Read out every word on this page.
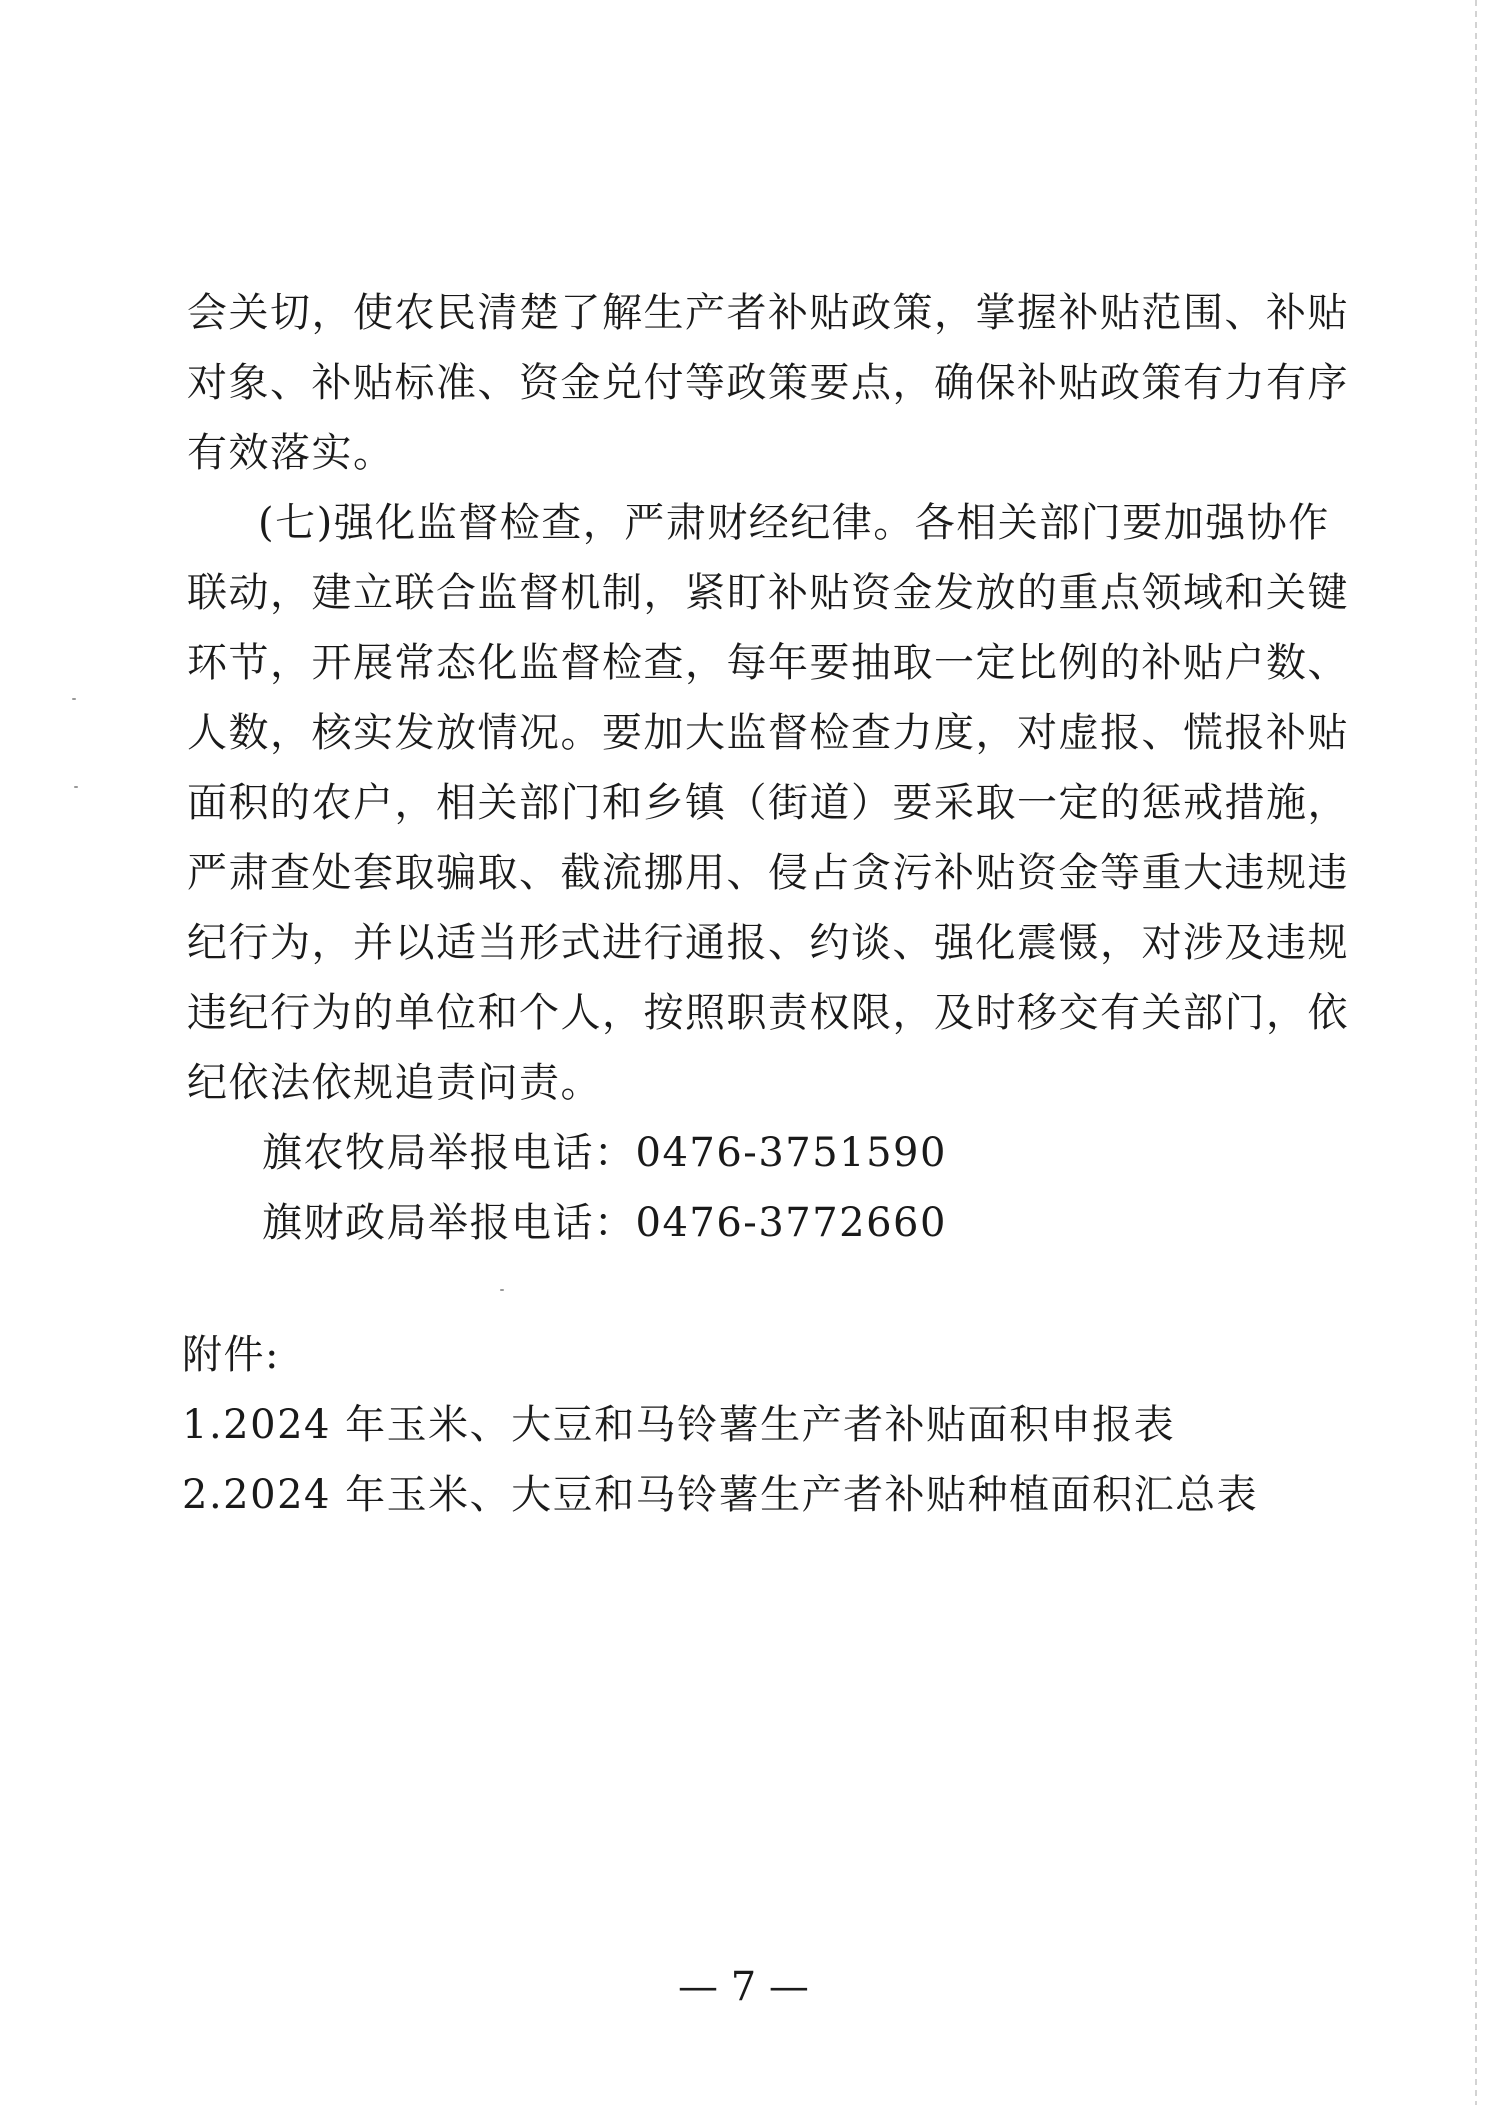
会关切，使农民清楚了解生产者补贴政策，掌握补贴范围、补贴
对象、补贴标准、资金兑付等政策要点，确保补贴政策有力有序
有效落实。
(七)强化监督检查，严肃财经纪律。各相关部门要加强协作
联动，建立联合监督机制，紧盯补贴资金发放的重点领域和关键
环节，开展常态化监督检查，每年要抽取一定比例的补贴户数、
人数，核实发放情况。要加大监督检查力度，对虚报、慌报补贴
面积的农户，相关部门和乡镇（街道）要采取一定的惩戒措施，
严肃查处套取骗取、截流挪用、侵占贪污补贴资金等重大违规违
纪行为，并以适当形式进行通报、约谈、强化震慑，对涉及违规
违纪行为的单位和个人，按照职责权限，及时移交有关部门，依
纪依法依规追责问责。
旗农牧局举报电话：0476-3751590
旗财政局举报电话：0476-3772660
附件:
1.2024 年玉米、大豆和马铃薯生产者补贴面积申报表
2.2024 年玉米、大豆和马铃薯生产者补贴种植面积汇总表
— 7 —
